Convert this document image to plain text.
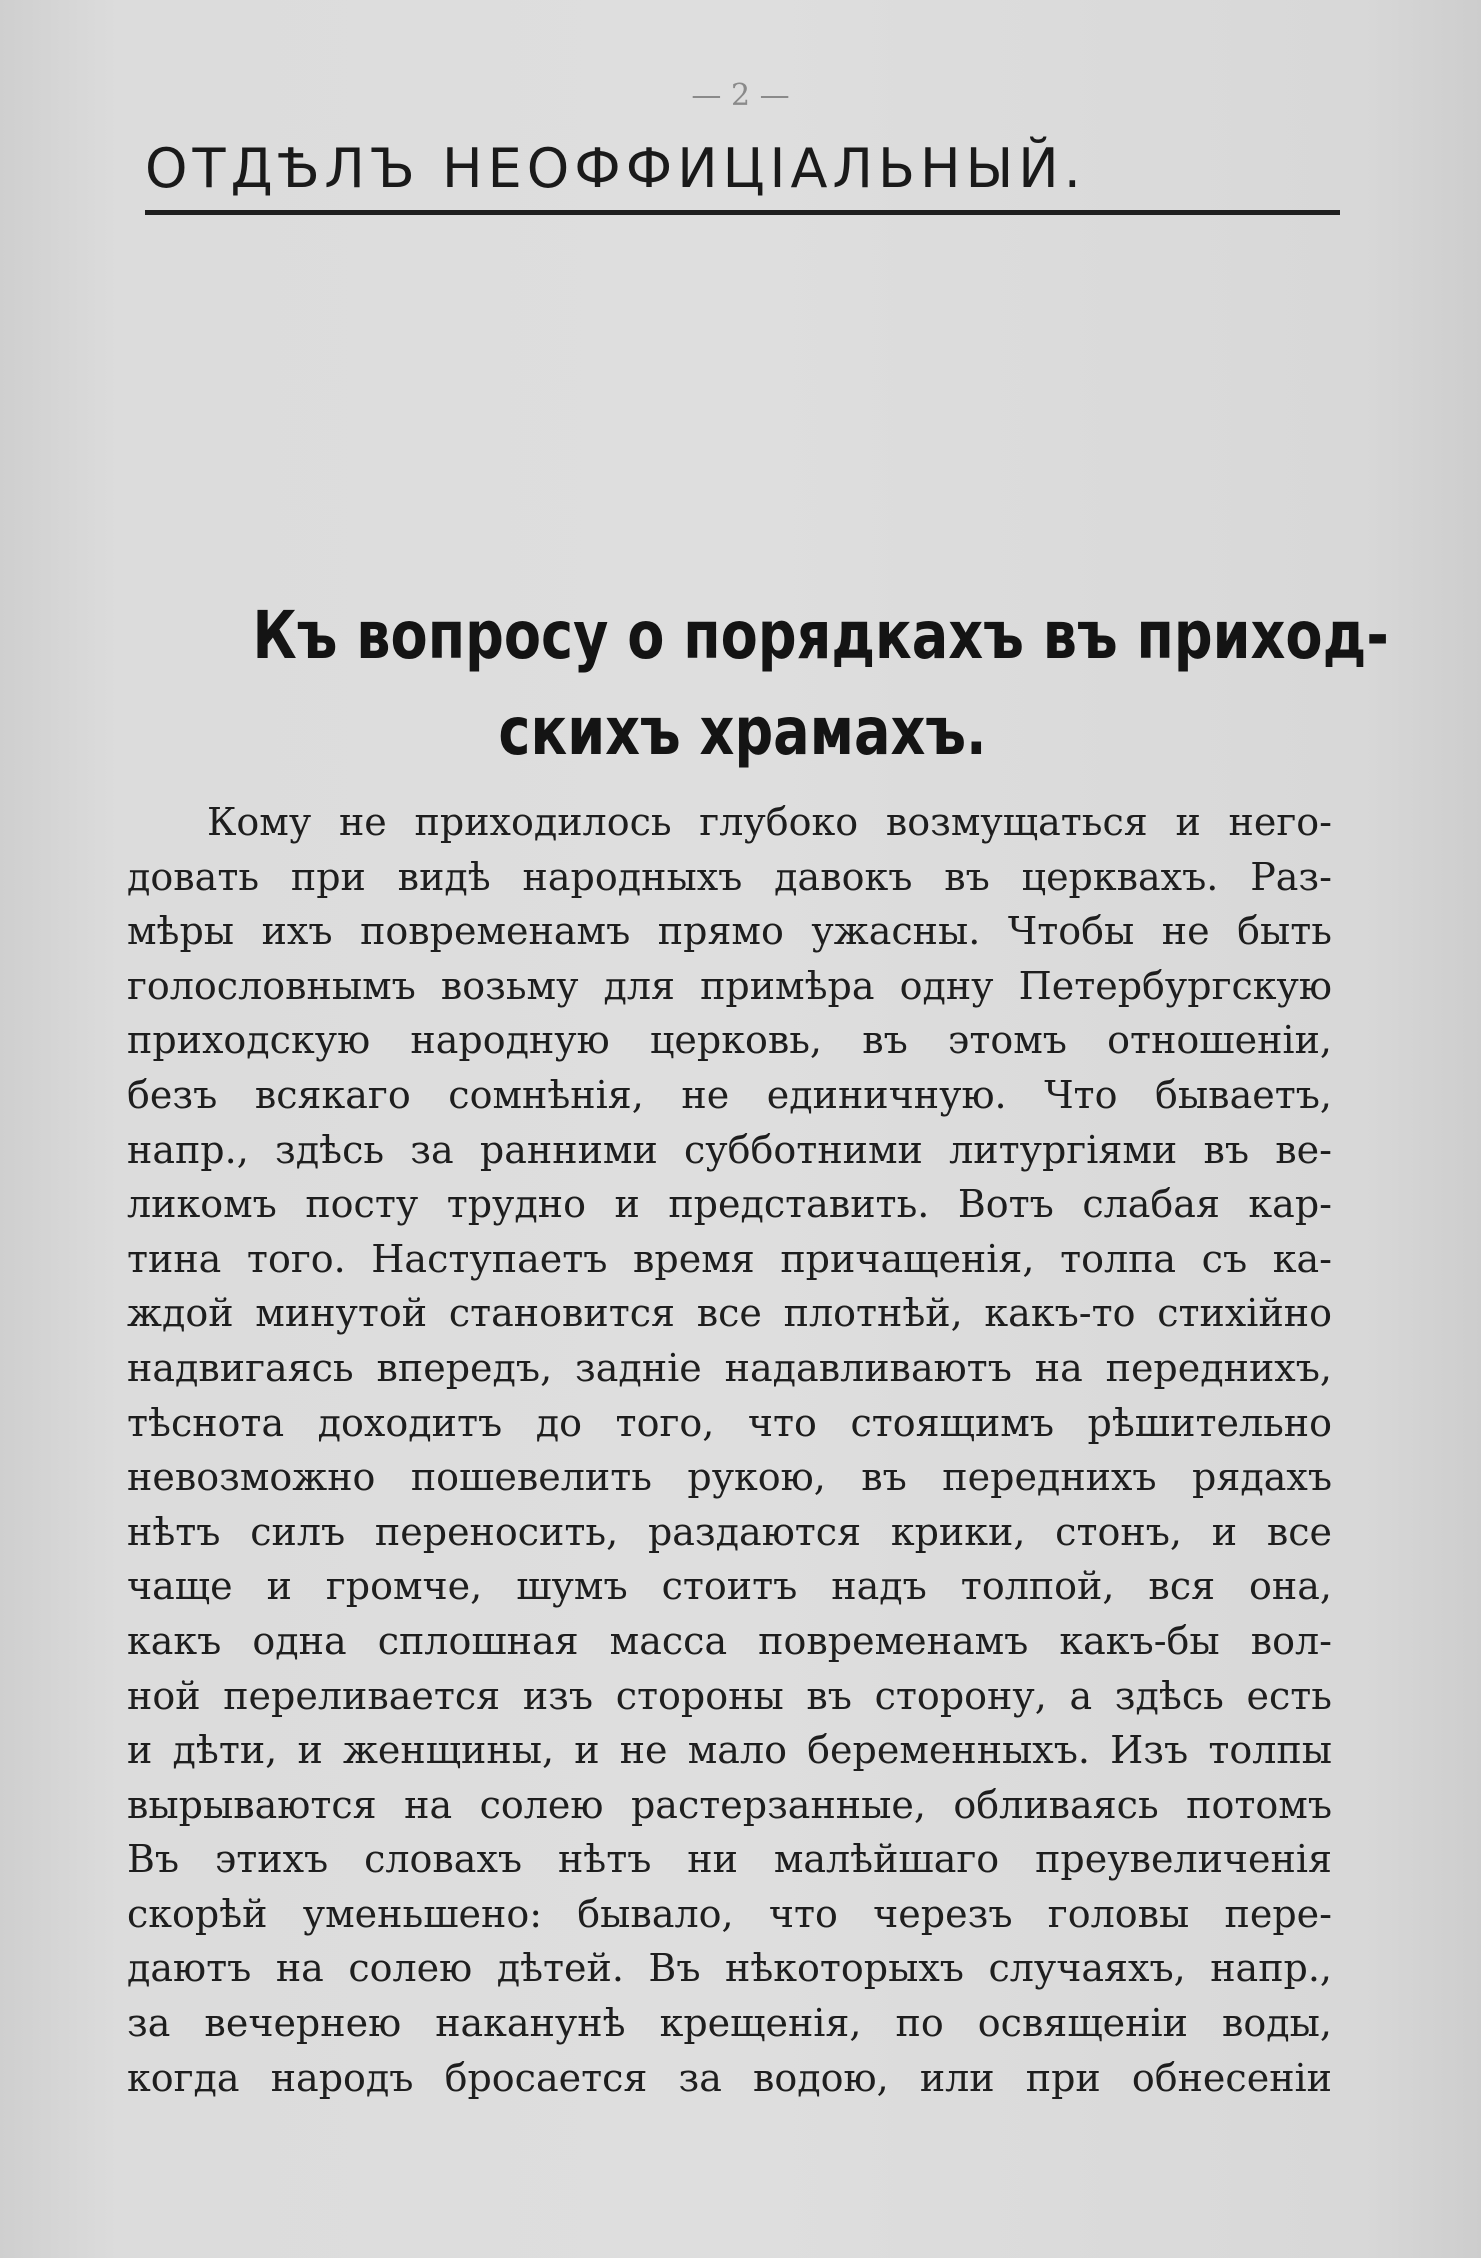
— 2 —
ОТДѢЛЪ НЕОФФИЦІАЛЬНЫЙ.
Къ вопросу о порядкахъ въ приход-
скихъ храмахъ.
Кому не приходилось глубоко возмущаться и него-
довать при видѣ народныхъ давокъ въ церквахъ. Раз-
мѣры ихъ повременамъ прямо ужасны. Чтобы не быть
голословнымъ возьму для примѣра одну Петербургскую
приходскую народную церковь, въ этомъ отношеніи,
безъ всякаго сомнѣнія, не единичную. Что бываетъ,
напр., здѣсь за ранними субботними литургіями въ ве-
ликомъ посту трудно и представить. Вотъ слабая кар-
тина того. Наступаетъ время причащенія, толпа съ ка-
ждой минутой становится все плотнѣй, какъ-то стихійно
надвигаясь впередъ, задніе надавливаютъ на переднихъ,
тѣснота доходитъ до того, что стоящимъ рѣшительно
невозможно пошевелить рукою, въ переднихъ рядахъ
нѣтъ силъ переносить, раздаются крики, стонъ, и все
чаще и громче, шумъ стоитъ надъ толпой, вся она,
какъ одна сплошная масса повременамъ какъ-бы вол-
ной переливается изъ стороны въ сторону, а здѣсь есть
и дѣти, и женщины, и не мало беременныхъ. Изъ толпы
вырываются на солею растерзанные, обливаясь потомъ
Въ этихъ словахъ нѣтъ ни малѣйшаго преувеличенія
скорѣй уменьшено: бывало, что черезъ головы пере-
даютъ на солею дѣтей. Въ нѣкоторыхъ случаяхъ, напр.,
за вечернею наканунѣ крещенія, по освященіи воды,
когда народъ бросается за водою, или при обнесеніи
